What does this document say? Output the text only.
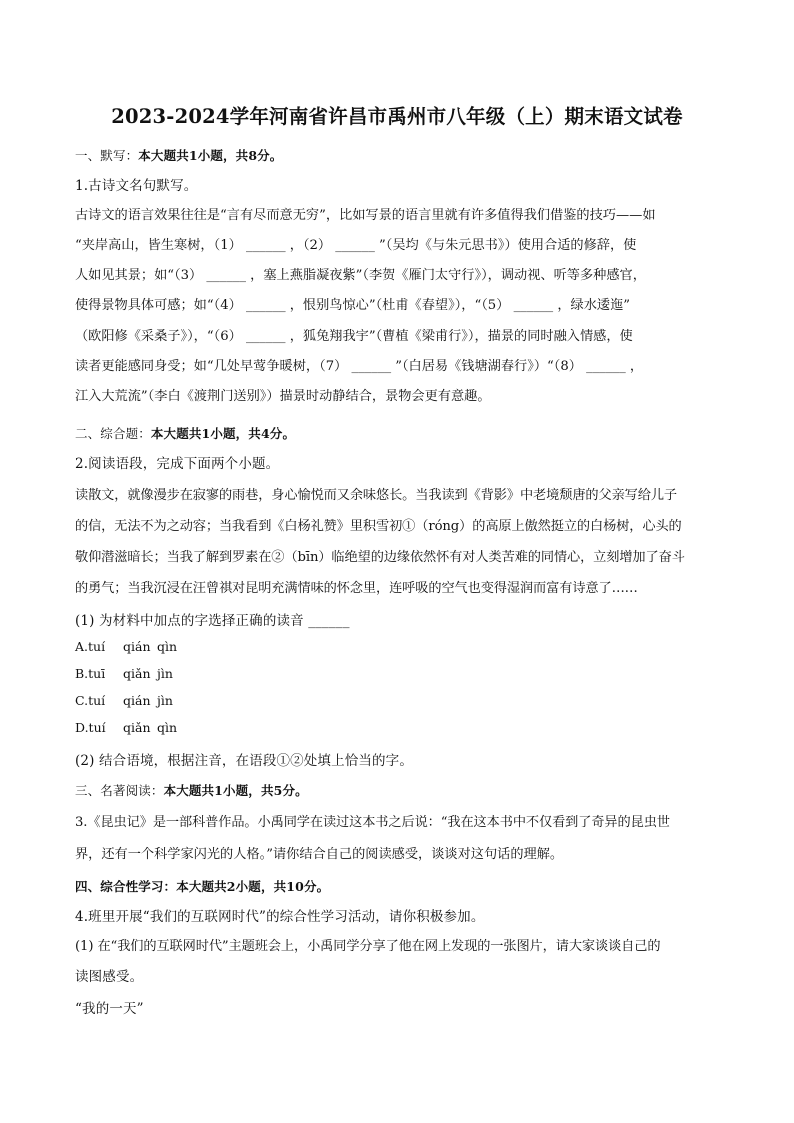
2023-2024学年河南省许昌市禹州市八年级（上）期末语文试卷
一、默写：本大题共1小题，共8分。
1.古诗文名句默写。
古诗文的语言效果往往是“言有尽而意无穷”，比如写景的语言里就有许多值得我们借鉴的技巧——如
“夹岸高山，皆生寒树，（1） ______ ，（2） ______ ”（吴均《与朱元思书》）使用合适的修辞，使
人如见其景；如“（3） ______ ，塞上燕脂凝夜紫”（李贺《雁门太守行》），调动视、听等多种感官，
使得景物具体可感；如“（4） ______ ，恨别鸟惊心”（杜甫《春望》），“（5） ______ ，绿水逶迤”
（欧阳修《采桑子》），“（6） ______ ，狐兔翔我宇”（曹植《梁甫行》），描景的同时融入情感，使
读者更能感同身受；如“几处早莺争暖树，（7） ______ ”（白居易《钱塘湖春行》）“（8） ______ ，
江入大荒流”（李白《渡荆门送别》）描景时动静结合，景物会更有意趣。
二、综合题：本大题共1小题，共4分。
2.阅读语段，完成下面两个小题。
读散文，就像漫步在寂寥的雨巷，身心愉悦而又余味悠长。当我读到《背影》中老境颓唐的父亲写给儿子
的信，无法不为之动容；当我看到《白杨礼赞》里积雪初①（róng）的高原上傲然挺立的白杨树，心头的
敬仰潜滋暗长；当我了解到罗素在②（bīn）临绝望的边缘依然怀有对人类苦难的同情心，立刻增加了奋斗
的勇气；当我沉浸在汪曾祺对昆明充满情味的怀念里，连呼吸的空气也变得湿润而富有诗意了……
(1) 为材料中加点的字选择正确的读音 ______
A.tuí qián qìn
B.tuī qiǎn jìn
C.tuí qián jìn
D.tuí qiǎn qìn
(2) 结合语境，根据注音，在语段①②处填上恰当的字。
三、名著阅读：本大题共1小题，共5分。
3.《昆虫记》是一部科普作品。小禹同学在读过这本书之后说：“我在这本书中不仅看到了奇异的昆虫世
界，还有一个科学家闪光的人格。”请你结合自己的阅读感受，谈谈对这句话的理解。
四、综合性学习：本大题共2小题，共10分。
4.班里开展“我们的互联网时代”的综合性学习活动，请你积极参加。
(1) 在“我们的互联网时代”主题班会上，小禹同学分享了他在网上发现的一张图片，请大家谈谈自己的
读图感受。
“我的一天”
